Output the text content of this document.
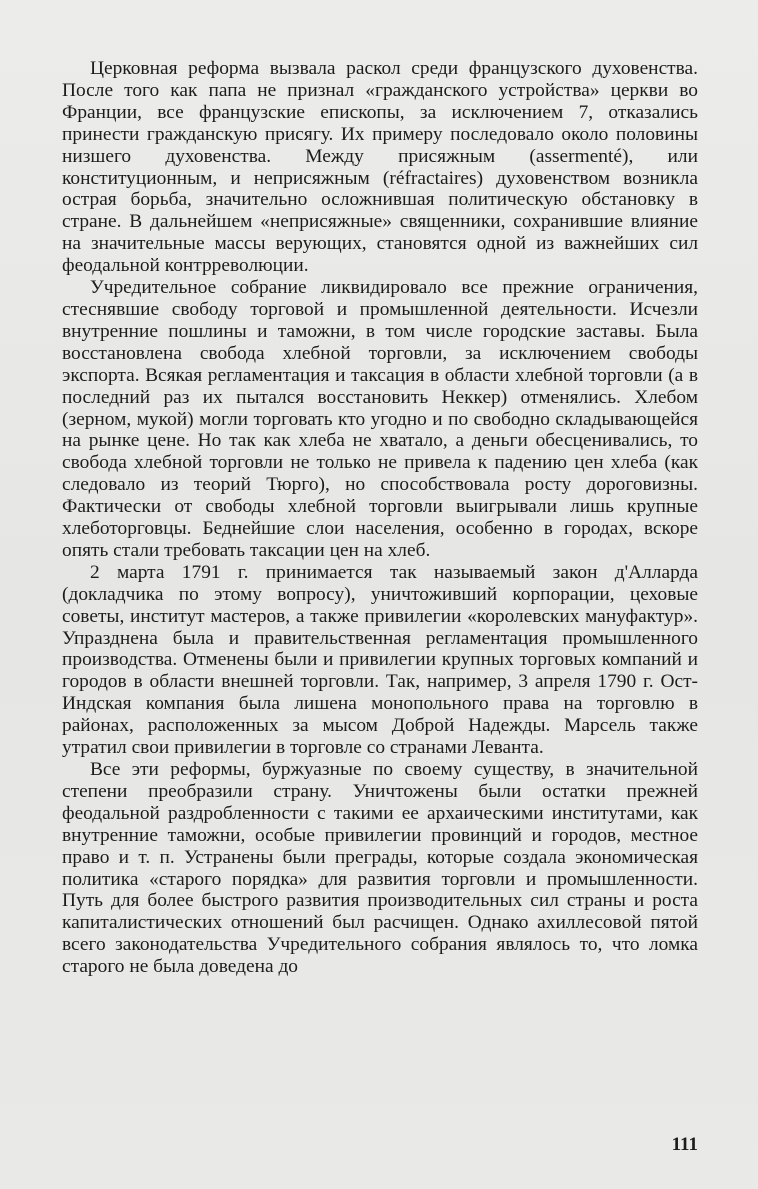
Церковная реформа вызвала раскол среди французского духовенства. После того как папа не признал «гражданского устройства» церкви во Франции, все французские епископы, за исключением 7, отказались принести гражданскую присягу. Их примеру последовало около половины низшего духовенства. Между присяжным (assermenté), или конституционным, и неприсяжным (réfractaires) духовенством возникла острая борьба, значительно осложнившая политическую обстановку в стране. В дальнейшем «неприсяжные» священники, сохранившие влияние на значительные массы верующих, становятся одной из важнейших сил феодальной контрреволюции.

Учредительное собрание ликвидировало все прежние ограничения, стеснявшие свободу торговой и промышленной деятельности. Исчезли внутренние пошлины и таможни, в том числе городские заставы. Была восстановлена свобода хлебной торговли, за исключением свободы экспорта. Всякая регламентация и таксация в области хлебной торговли (а в последний раз их пытался восстановить Неккер) отменялись. Хлебом (зерном, мукой) могли торговать кто угодно и по свободно складывающейся на рынке цене. Но так как хлеба не хватало, а деньги обесценивались, то свобода хлебной торговли не только не привела к падению цен хлеба (как следовало из теорий Тюрго), но способствовала росту дороговизны. Фактически от свободы хлебной торговли выигрывали лишь крупные хлеботорговцы. Беднейшие слои населения, особенно в городах, вскоре опять стали требовать таксации цен на хлеб.

2 марта 1791 г. принимается так называемый закон д'Алларда (докладчика по этому вопросу), уничтоживший корпорации, цеховые советы, институт мастеров, а также привилегии «королевских мануфактур». Упразднена была и правительственная регламентация промышленного производства. Отменены были и привилегии крупных торговых компаний и городов в области внешней торговли. Так, например, 3 апреля 1790 г. Ост-Индская компания была лишена монопольного права на торговлю в районах, расположенных за мысом Доброй Надежды. Марсель также утратил свои привилегии в торговле со странами Леванта.

Все эти реформы, буржуазные по своему существу, в значительной степени преобразили страну. Уничтожены были остатки прежней феодальной раздробленности с такими ее архаическими институтами, как внутренние таможни, особые привилегии провинций и городов, местное право и т. п. Устранены были преграды, которые создала экономическая политика «старого порядка» для развития торговли и промышленности. Путь для более быстрого развития производительных сил страны и роста капиталистических отношений был расчищен. Однако ахиллесовой пятой всего законодательства Учредительного собрания являлось то, что ломка старого не была доведена до

111
